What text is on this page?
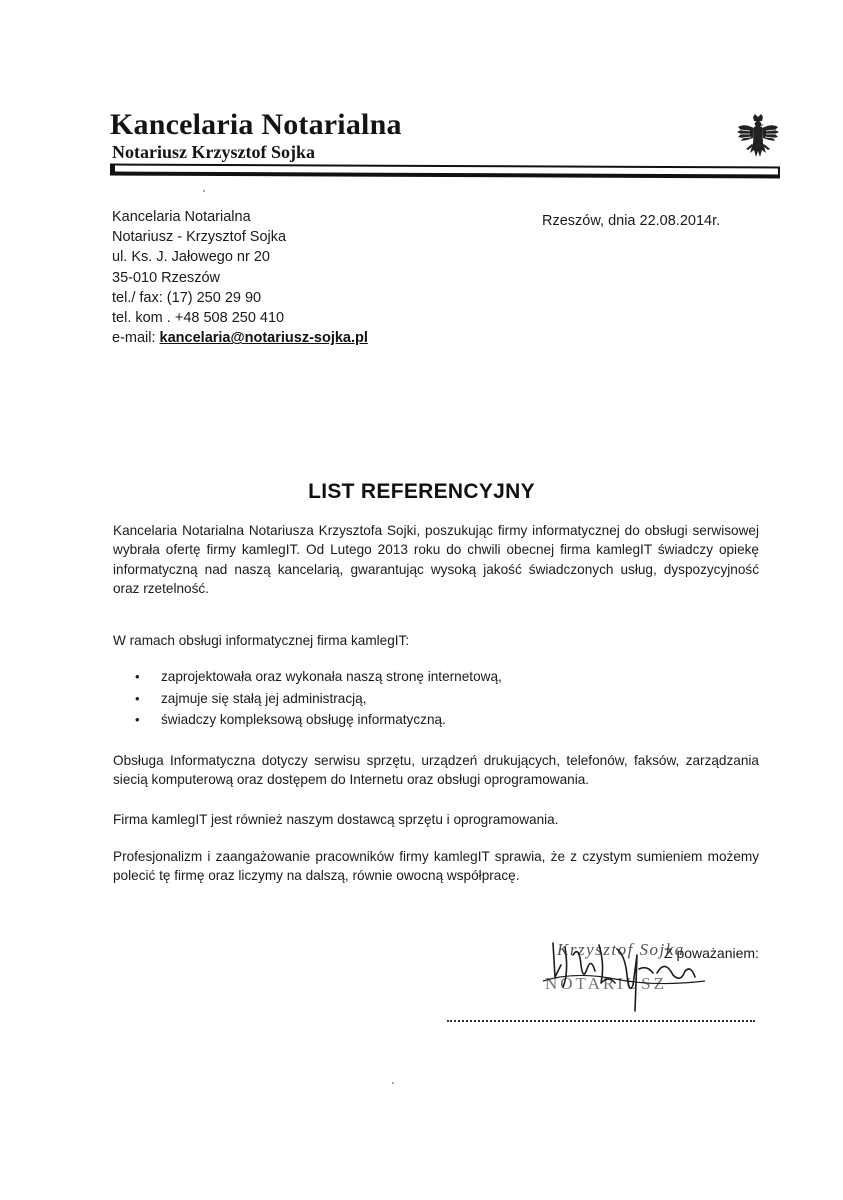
Kancelaria Notarialna
Notariusz Krzysztof Sojka
Kancelaria Notarialna
Notariusz - Krzysztof Sojka
ul. Ks. J. Jałowego nr 20
35-010 Rzeszów
tel./ fax: (17) 250 29 90
tel. kom . +48 508 250 410
e-mail: kancelaria@notariusz-sojka.pl
Rzeszów, dnia 22.08.2014r.
LIST REFERENCYJNY
Kancelaria Notarialna Notariusza Krzysztofa Sojki, poszukując firmy informatycznej do obsługi serwisowej wybrała ofertę firmy kamlegIT. Od Lutego 2013 roku do chwili obecnej firma kamlegIT świadczy opiekę informatyczną nad naszą kancelarią, gwarantując wysoką jakość świadczonych usług, dyspozycyjność oraz rzetelność.
W ramach obsługi informatycznej firma kamlegIT:
• zaprojektowała oraz wykonała naszą stronę internetową,
• zajmuje się stałą jej administracją,
• świadczy kompleksową obsługę informatyczną.
Obsługa Informatyczna dotyczy serwisu sprzętu, urządzeń drukujących, telefonów, faksów, zarządzania siecią komputerową oraz dostępem do Internetu oraz obsługi oprogramowania.
Firma kamlegIT jest również naszym dostawcą sprzętu i oprogramowania.
Profesjonalizm i zaangażowanie pracowników firmy kamlegIT sprawia, że z czystym sumieniem możemy polecić tę firmę oraz liczymy na dalszą, równie owocną współpracę.
Z poważaniem:
Krzysztof Sojka
NOTARIUSZ
